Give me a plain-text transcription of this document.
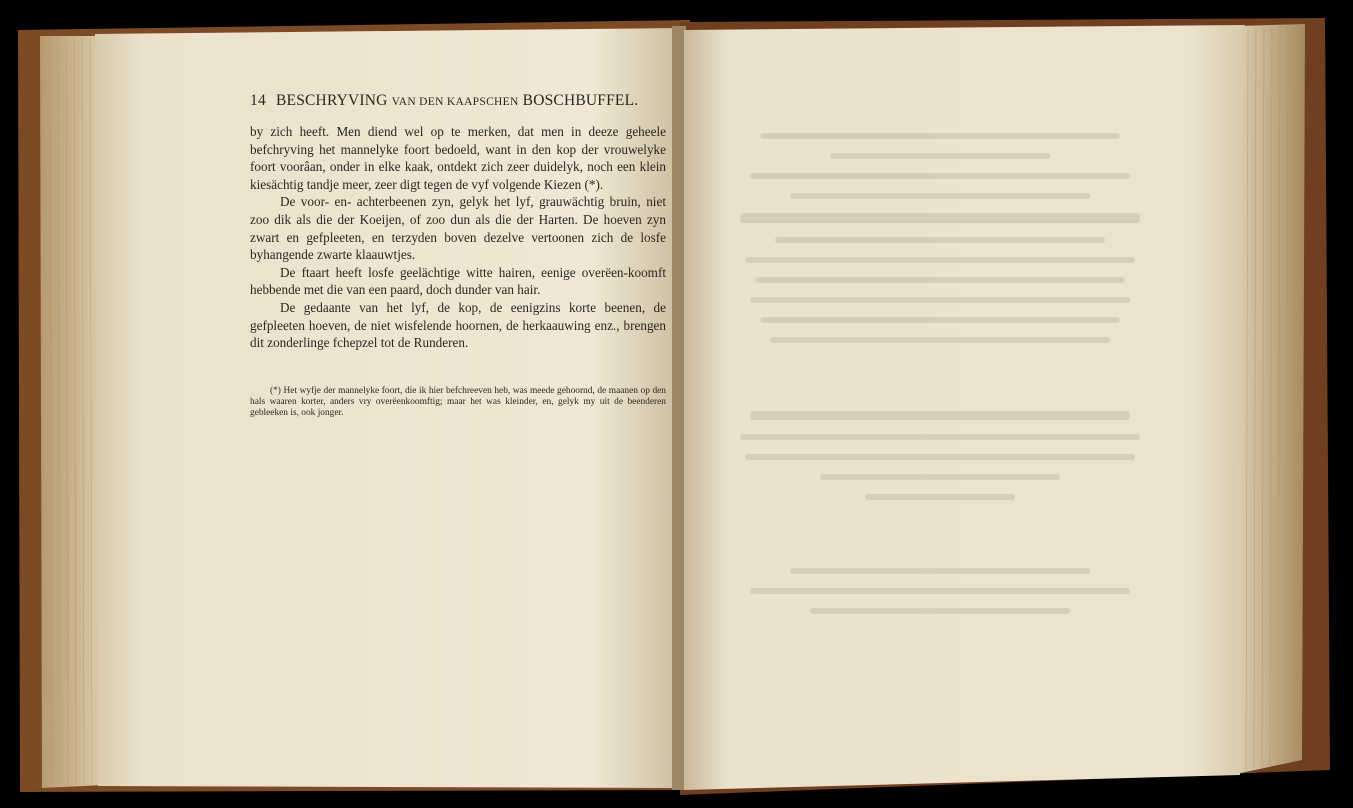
14 BESCHRYVING VAN DEN KAAPSCHEN BOSCHBUFFEL.

by zich heeft. Men diend wel op te merken, dat men in deeze geheele befchryving het mannelyke foort bedoeld, want in den kop der vrouwelyke foort voorâan, onder in elke kaak, ontdekt zich zeer duidelyk, noch een klein kiesächtig tandje meer, zeer digt tegen de vyf volgende Kiezen (*).

De voor- en- achterbeenen zyn, gelyk het lyf, grauwächtig bruin, niet zoo dik als die der Koeijen, of zoo dun als die der Harten. De hoeven zyn zwart en gefpleeten, en terzyden boven dezelve vertoonen zich de losfe byhangende zwarte klaauwtjes.

De ftaart heeft losfe geelächtige witte hairen, eenige overëen-koomft hebbende met die van een paard, doch dunder van hair.

De gedaante van het lyf, de kop, de eenigzins korte beenen, de gefpleeten hoeven, de niet wisfelende hoornen, de herkaauwing enz., brengen dit zonderlinge fchepzel tot de Runderen.

(*) Het wyfje der mannelyke foort, die ik hier befchreeven heb, was meede gehoornd, de maanen op den hals waaren korter, anders vry overëenkoomftig; maar het was kleinder, en, gelyk my uit de beenderen gebleeken is, ook jonger.
